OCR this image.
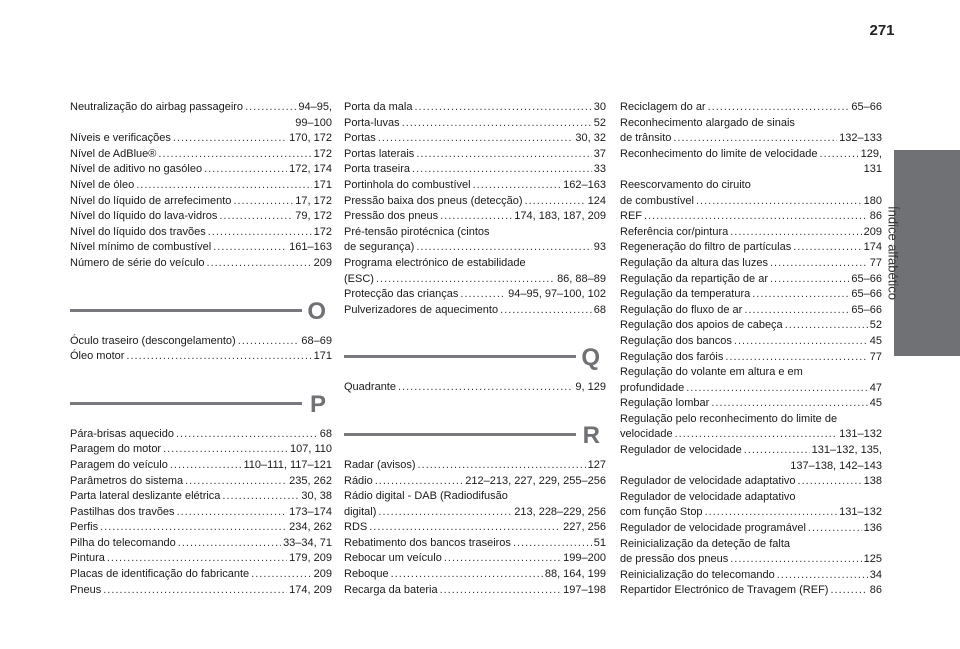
271
Índice alfabético
Neutralização do airbag passageiro .....	94–95,
99–100
Níveis e verificações .....	170, 172
Nível de AdBlue® .....	172
Nível de aditivo no gasóleo .....	172, 174
Nível de óleo .....	171
Nível do líquido de arrefecimento .....	17, 172
Nível do líquido do lava-vidros .....	79, 172
Nível do líquido dos travões .....	172
Nível mínimo de combustível .....	161–163
Número de série do veículo .....	209
O
Óculo traseiro (descongelamento) .....	68–69
Óleo motor .....	171
P
Pára-brisas aquecido .....	68
Paragem do motor .....	107, 110
Paragem do veículo .....	110–111, 117–121
Parâmetros do sistema .....	235, 262
Parta lateral deslizante elétrica .....	30, 38
Pastilhas dos travões .....	173–174
Perfis .....	234, 262
Pilha do telecomando .....	33–34, 71
Pintura .....	179, 209
Placas de identificação do fabricante .....	209
Pneus .....	174, 209
Porta da mala .....	30
Porta-luvas .....	52
Portas .....	30, 32
Portas laterais .....	37
Porta traseira .....	33
Portinhola do combustível .....	162–163
Pressão baixa dos pneus (detecção) .....	124
Pressão dos pneus .....	174, 183, 187, 209
Pré-tensão pirotécnica (cintos
de segurança) .....	93
Programa electrónico de estabilidade
(ESC) .....	86, 88–89
Protecção das crianças .....	94–95, 97–100, 102
Pulverizadores de aquecimento .....	68
Q
Quadrante .....	9, 129
R
Radar (avisos) .....	127
Rádio .....	212–213, 227, 229, 255–256
Rádio digital - DAB (Radiodifusão
digital) .....	213, 228–229, 256
RDS .....	227, 256
Rebatimento dos bancos traseiros .....	51
Rebocar um veículo .....	199–200
Reboque .....	88, 164, 199
Recarga da bateria .....	197–198
Reciclagem do ar .....	65–66
Reconhecimento alargado de sinais
de trânsito .....	132–133
Reconhecimento do limite de velocidade .....	129,
131
Reescorvamento do ciruito
de combustível .....	180
REF .....	86
Referência cor/pintura .....	209
Regeneração do filtro de partículas .....	174
Regulação da altura das luzes .....	77
Regulação da repartição de ar .....	65–66
Regulação da temperatura .....	65–66
Regulação do fluxo de ar .....	65–66
Regulação dos apoios de cabeça .....	52
Regulação dos bancos .....	45
Regulação dos faróis .....	77
Regulação do volante em altura e em
profundidade .....	47
Regulação lombar .....	45
Regulação pelo reconhecimento do limite de
velocidade .....	131–132
Regulador de velocidade .....	131–132, 135,
137–138, 142–143
Regulador de velocidade adaptativo .....	138
Regulador de velocidade adaptativo
com função Stop .....	131–132
Regulador de velocidade programável .....	136
Reinicialização da deteção de falta
de pressão dos pneus .....	125
Reinicialização do telecomando .....	34
Repartidor Electrónico de Travagem (REF) .....	86
